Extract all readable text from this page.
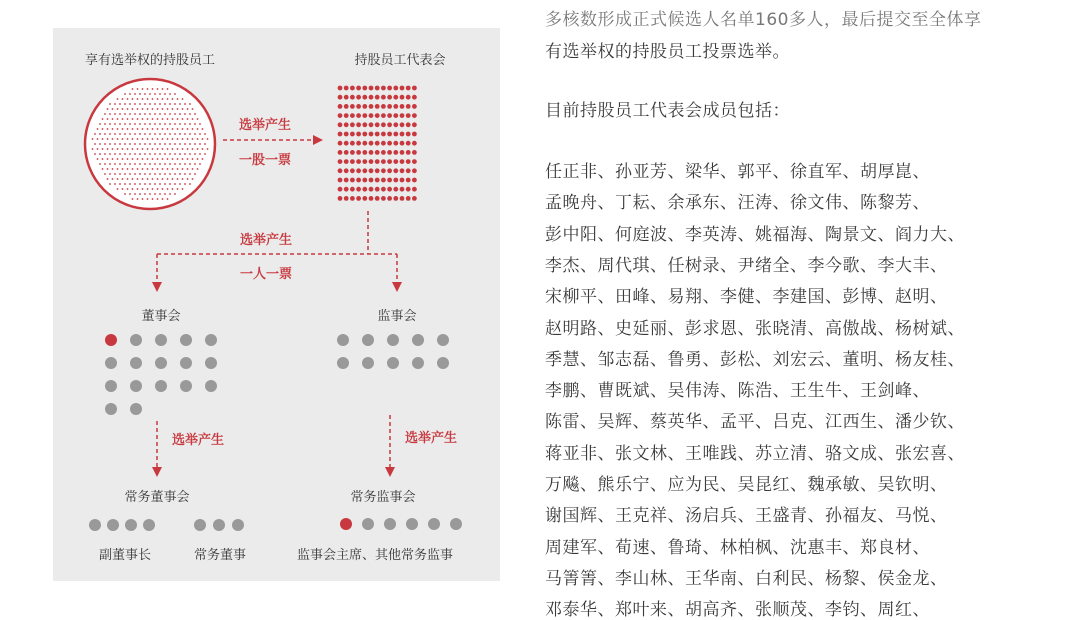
享有选举权的持股员工	持股员工代表会
选举产生
一股一票
选举产生
一人一票
董事会	监事会
选举产生	选举产生
常务董事会	常务监事会
副董事长	常务董事	监事会主席、其他常务监事
多核数形成正式候选人名单160多人，最后提交至全体享
有选举权的持股员工投票选举。
目前持股员工代表会成员包括：
任正非、孙亚芳、梁华、郭平、徐直军、胡厚崑、
孟晚舟、丁耘、余承东、汪涛、徐文伟、陈黎芳、
彭中阳、何庭波、李英涛、姚福海、陶景文、阎力大、
李杰、周代琪、任树录、尹绪全、李今歌、李大丰、
宋柳平、田峰、易翔、李健、李建国、彭博、赵明、
赵明路、史延丽、彭求恩、张晓清、高傲战、杨树斌、
季慧、邹志磊、鲁勇、彭松、刘宏云、董明、杨友桂、
李鹏、曹既斌、吴伟涛、陈浩、王生牛、王剑峰、
陈雷、吴辉、蔡英华、孟平、吕克、江西生、潘少钦、
蒋亚非、张文林、王唯践、苏立清、骆文成、张宏喜、
万飚、熊乐宁、应为民、吴昆红、魏承敏、吴钦明、
谢国辉、王克祥、汤启兵、王盛青、孙福友、马悦、
周建军、荀速、鲁琦、林柏枫、沈惠丰、郑良材、
马箐箐、李山林、王华南、白利民、杨黎、侯金龙、
邓泰华、郑叶来、胡高齐、张顺茂、李钧、周红、
